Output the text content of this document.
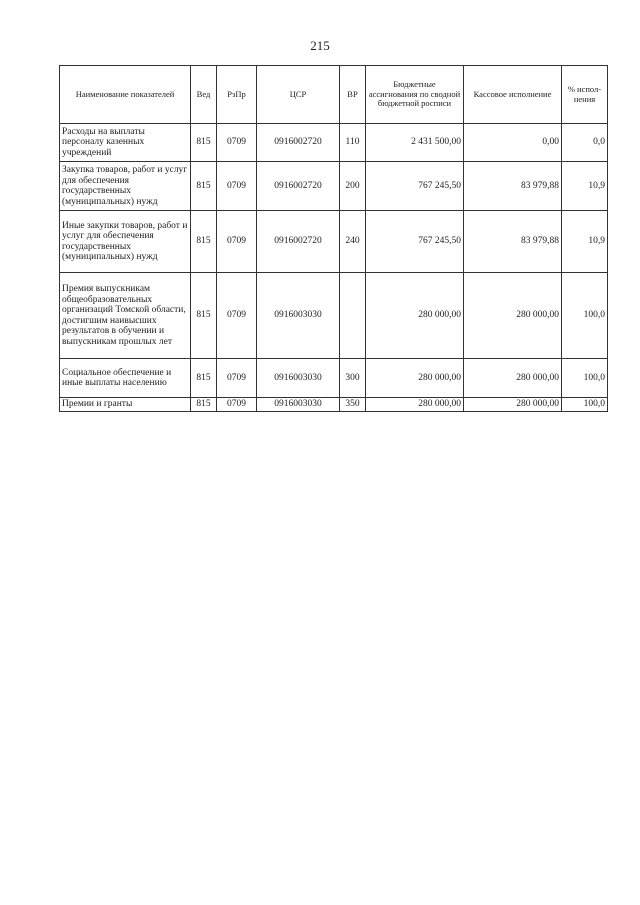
215
Наименование показателей	Вед	РзПр	ЦСР	ВР	Бюджетные ассигнования по сводной бюджетной росписи	Кассовое исполнение	% испол-нения
Расходы на выплаты персоналу казенных учреждений	815	0709	0916002720	110	2 431 500,00	0,00	0,0
Закупка товаров, работ и услуг для обеспечения государственных (муниципальных) нужд	815	0709	0916002720	200	767 245,50	83 979,88	10,9
Иные закупки товаров, работ и услуг для обеспечения государственных (муниципальных) нужд	815	0709	0916002720	240	767 245,50	83 979,88	10,9
Премия выпускникам общеобразовательных организаций Томской области, достигшим наивысших результатов в обучении и выпускникам прошлых лет	815	0709	0916003030		280 000,00	280 000,00	100,0
Социальное обеспечение и иные выплаты населению	815	0709	0916003030	300	280 000,00	280 000,00	100,0
Премии и гранты	815	0709	0916003030	350	280 000,00	280 000,00	100,0
